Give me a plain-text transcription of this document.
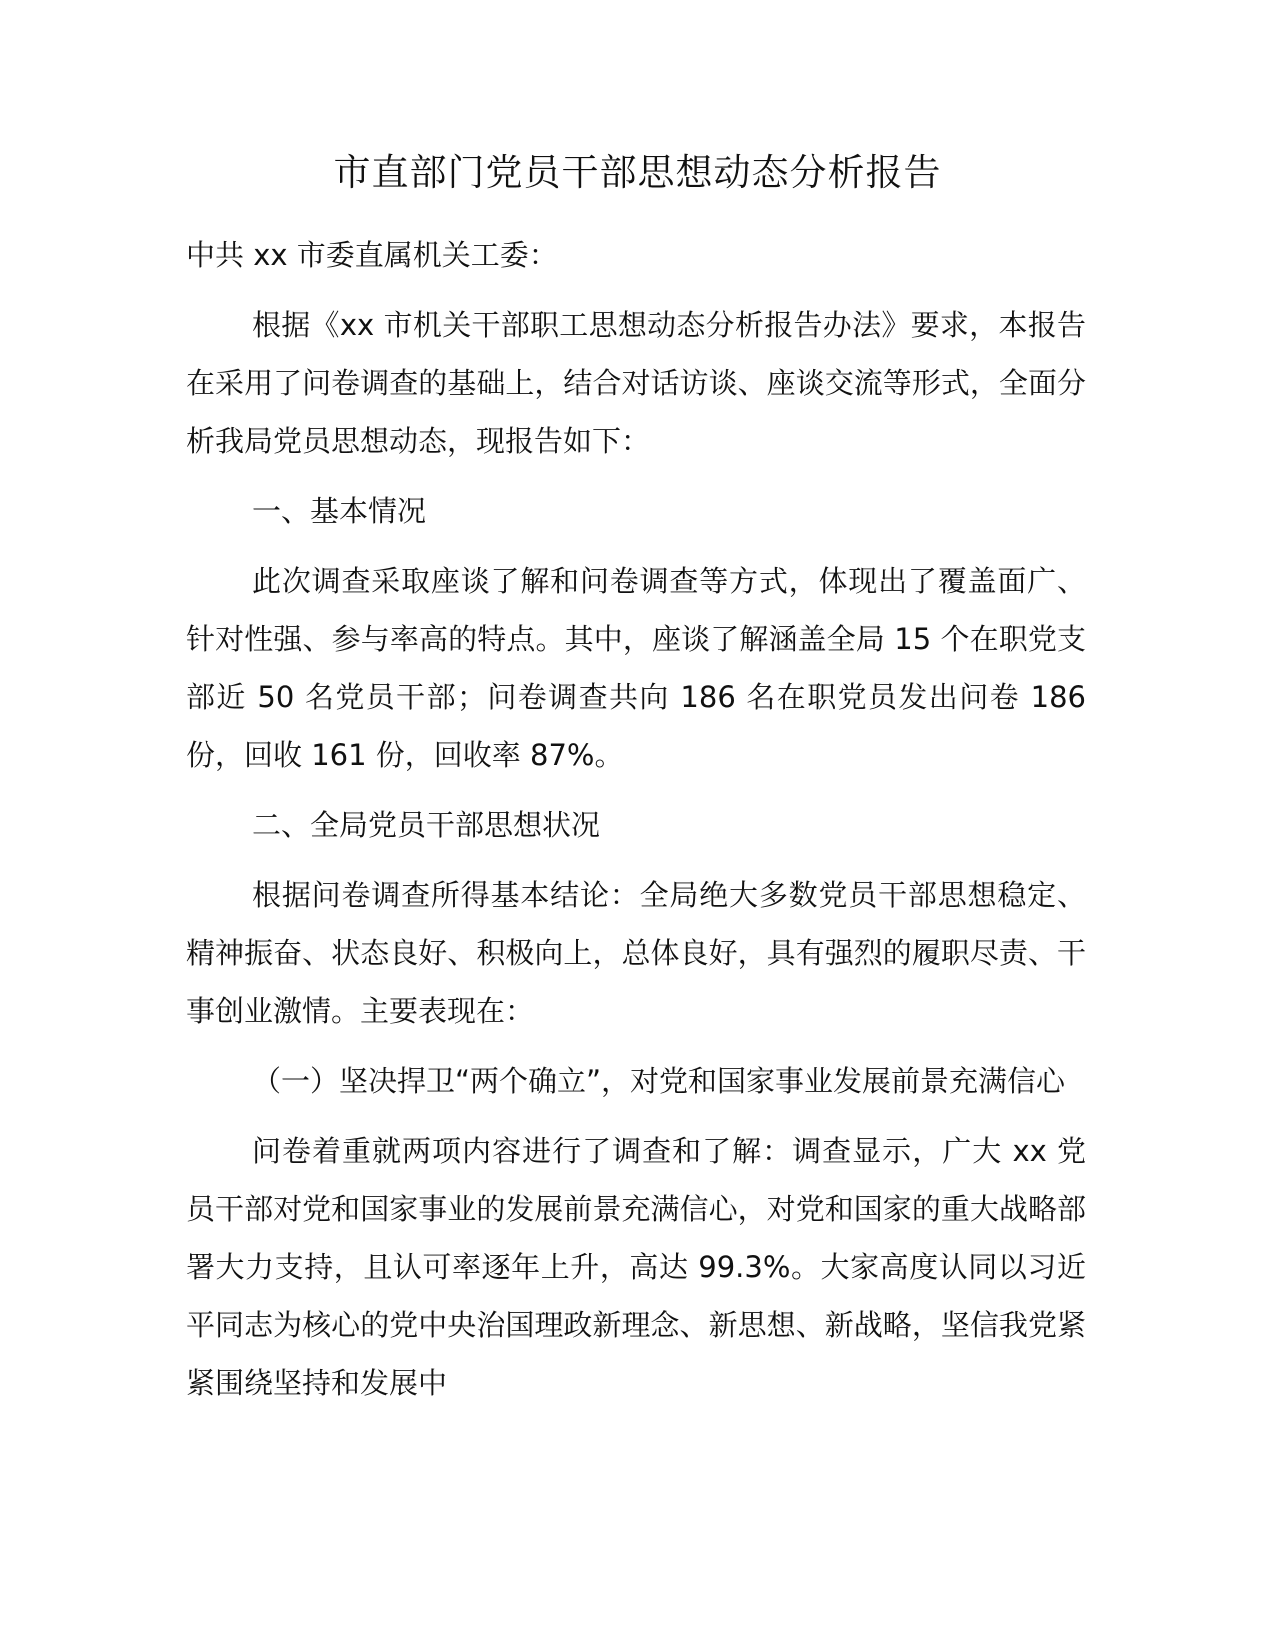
市直部门党员干部思想动态分析报告

中共 xx 市委直属机关工委：

根据《xx 市机关干部职工思想动态分析报告办法》要求，本报告在采用了问卷调查的基础上，结合对话访谈、座谈交流等形式，全面分析我局党员思想动态，现报告如下：

一、基本情况

此次调查采取座谈了解和问卷调查等方式，体现出了覆盖面广、针对性强、参与率高的特点。其中，座谈了解涵盖全局 15 个在职党支部近 50 名党员干部；问卷调查共向 186 名在职党员发出问卷 186 份，回收 161 份，回收率 87%。

二、全局党员干部思想状况

根据问卷调查所得基本结论：全局绝大多数党员干部思想稳定、精神振奋、状态良好、积极向上，总体良好，具有强烈的履职尽责、干事创业激情。主要表现在：

（一）坚决捍卫“两个确立”，对党和国家事业发展前景充满信心

问卷着重就两项内容进行了调查和了解：调查显示，广大 xx 党员干部对党和国家事业的发展前景充满信心，对党和国家的重大战略部署大力支持，且认可率逐年上升，高达 99.3%。大家高度认同以习近平同志为核心的党中央治国理政新理念、新思想、新战略，坚信我党紧紧围绕坚持和发展中
